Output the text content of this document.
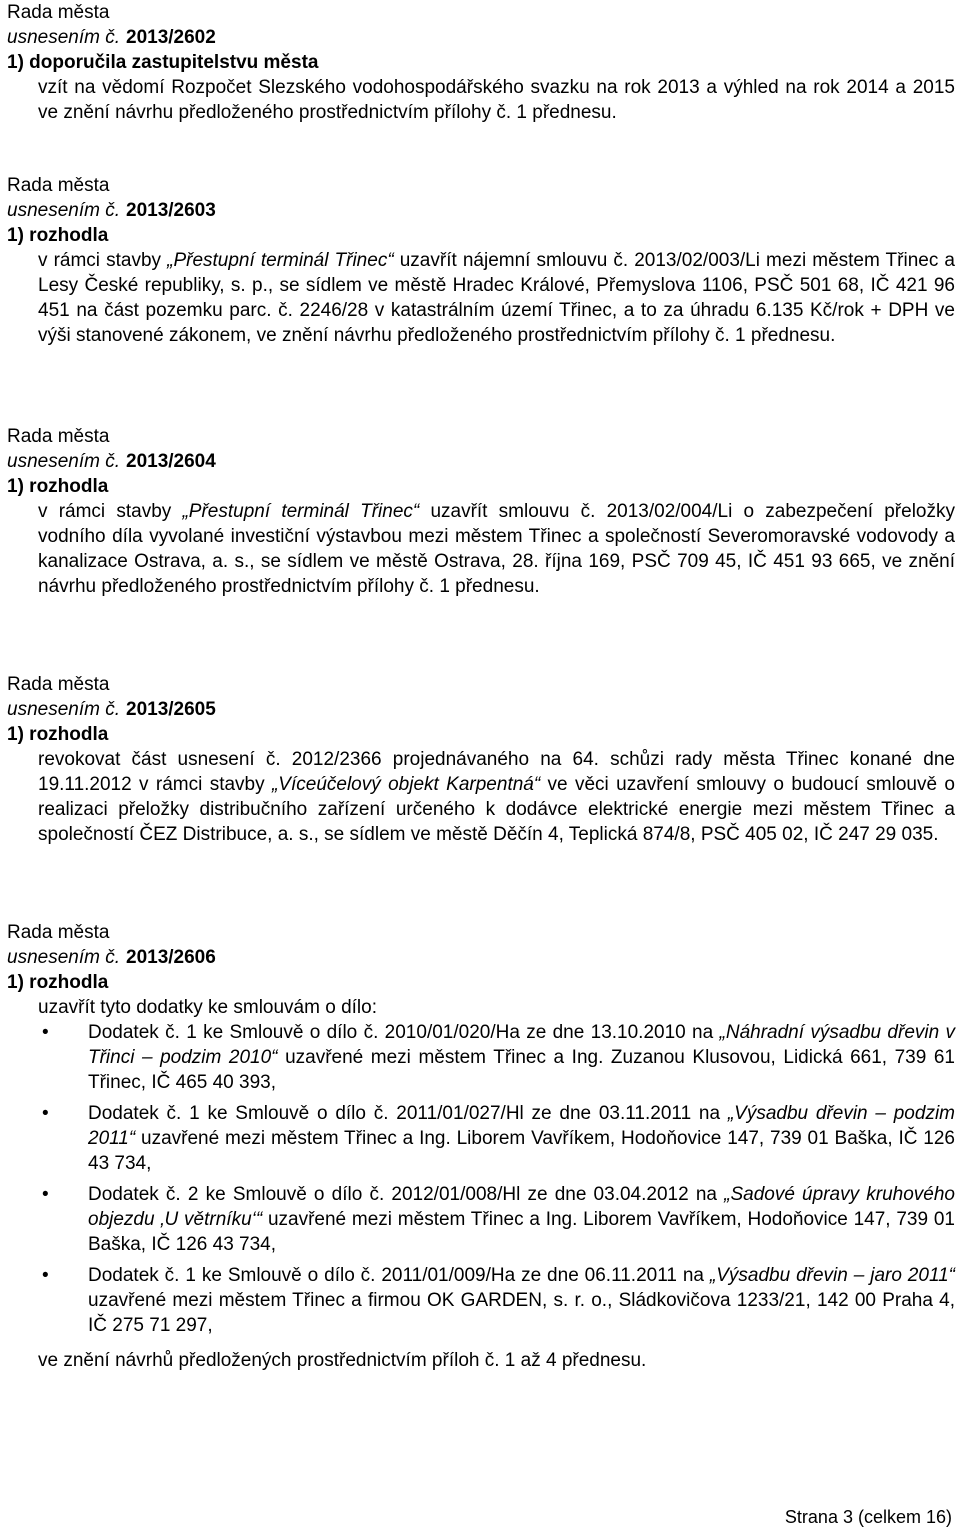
Rada města

usnesením č. 2013/2602

1) doporučila zastupitelstvu města

vzít na vědomí Rozpočet Slezského vodohospodářského svazku na rok 2013 a výhled na rok 2014 a 2015 ve znění návrhu předloženého prostřednictvím přílohy č. 1 přednesu.

Rada města

usnesením č. 2013/2603

1) rozhodla

v rámci stavby „Přestupní terminál Třinec“ uzavřít nájemní smlouvu č. 2013/02/003/Li mezi městem Třinec a Lesy České republiky, s. p., se sídlem ve městě Hradec Králové, Přemyslova 1106, PSČ 501 68, IČ 421 96 451 na část pozemku parc. č. 2246/28 v katastrálním území Třinec, a to za úhradu 6.135 Kč/rok + DPH ve výši stanovené zákonem, ve znění návrhu předloženého prostřednictvím přílohy č. 1 přednesu.

Rada města

usnesením č. 2013/2604

1) rozhodla

v rámci stavby „Přestupní terminál Třinec“ uzavřít smlouvu č. 2013/02/004/Li o zabezpečení přeložky vodního díla vyvolané investiční výstavbou mezi městem Třinec a společností Severomoravské vodovody a kanalizace Ostrava, a. s., se sídlem ve městě Ostrava, 28. října 169, PSČ 709 45, IČ 451 93 665, ve znění návrhu předloženého prostřednictvím přílohy č. 1 přednesu.

Rada města

usnesením č. 2013/2605

1) rozhodla

revokovat část usnesení č. 2012/2366 projednávaného na 64. schůzi rady města Třinec konané dne 19.11.2012 v rámci stavby „Víceúčelový objekt Karpentná“ ve věci uzavření smlouvy o budoucí smlouvě o realizaci přeložky distribučního zařízení určeného k dodávce elektrické energie mezi městem Třinec a společností ČEZ Distribuce, a. s., se sídlem ve městě Děčín 4, Teplická 874/8, PSČ 405 02, IČ 247 29 035.

Rada města

usnesením č. 2013/2606

1) rozhodla

uzavřít tyto dodatky ke smlouvám o dílo:

• Dodatek č. 1 ke Smlouvě o dílo č. 2010/01/020/Ha ze dne 13.10.2010 na „Náhradní výsadbu dřevin v Třinci – podzim 2010“ uzavřené mezi městem Třinec a Ing. Zuzanou Klusovou, Lidická 661, 739 61 Třinec, IČ 465 40 393,
• Dodatek č. 1 ke Smlouvě o dílo č. 2011/01/027/Hl ze dne 03.11.2011 na „Výsadbu dřevin – podzim 2011“ uzavřené mezi městem Třinec a Ing. Liborem Vavříkem, Hodoňovice 147, 739 01 Baška, IČ 126 43 734,
• Dodatek č. 2 ke Smlouvě o dílo č. 2012/01/008/Hl ze dne 03.04.2012 na „Sadové úpravy kruhového objezdu ‚U větrníku‘“ uzavřené mezi městem Třinec a Ing. Liborem Vavříkem, Hodoňovice 147, 739 01 Baška, IČ 126 43 734,
• Dodatek č. 1 ke Smlouvě o dílo č. 2011/01/009/Ha ze dne 06.11.2011 na „Výsadbu dřevin – jaro 2011“ uzavřené mezi městem Třinec a firmou OK GARDEN, s. r. o., Sládkovičova 1233/21, 142 00 Praha 4, IČ 275 71 297,

ve znění návrhů předložených prostřednictvím příloh č. 1 až 4 přednesu.

Strana 3 (celkem 16)
